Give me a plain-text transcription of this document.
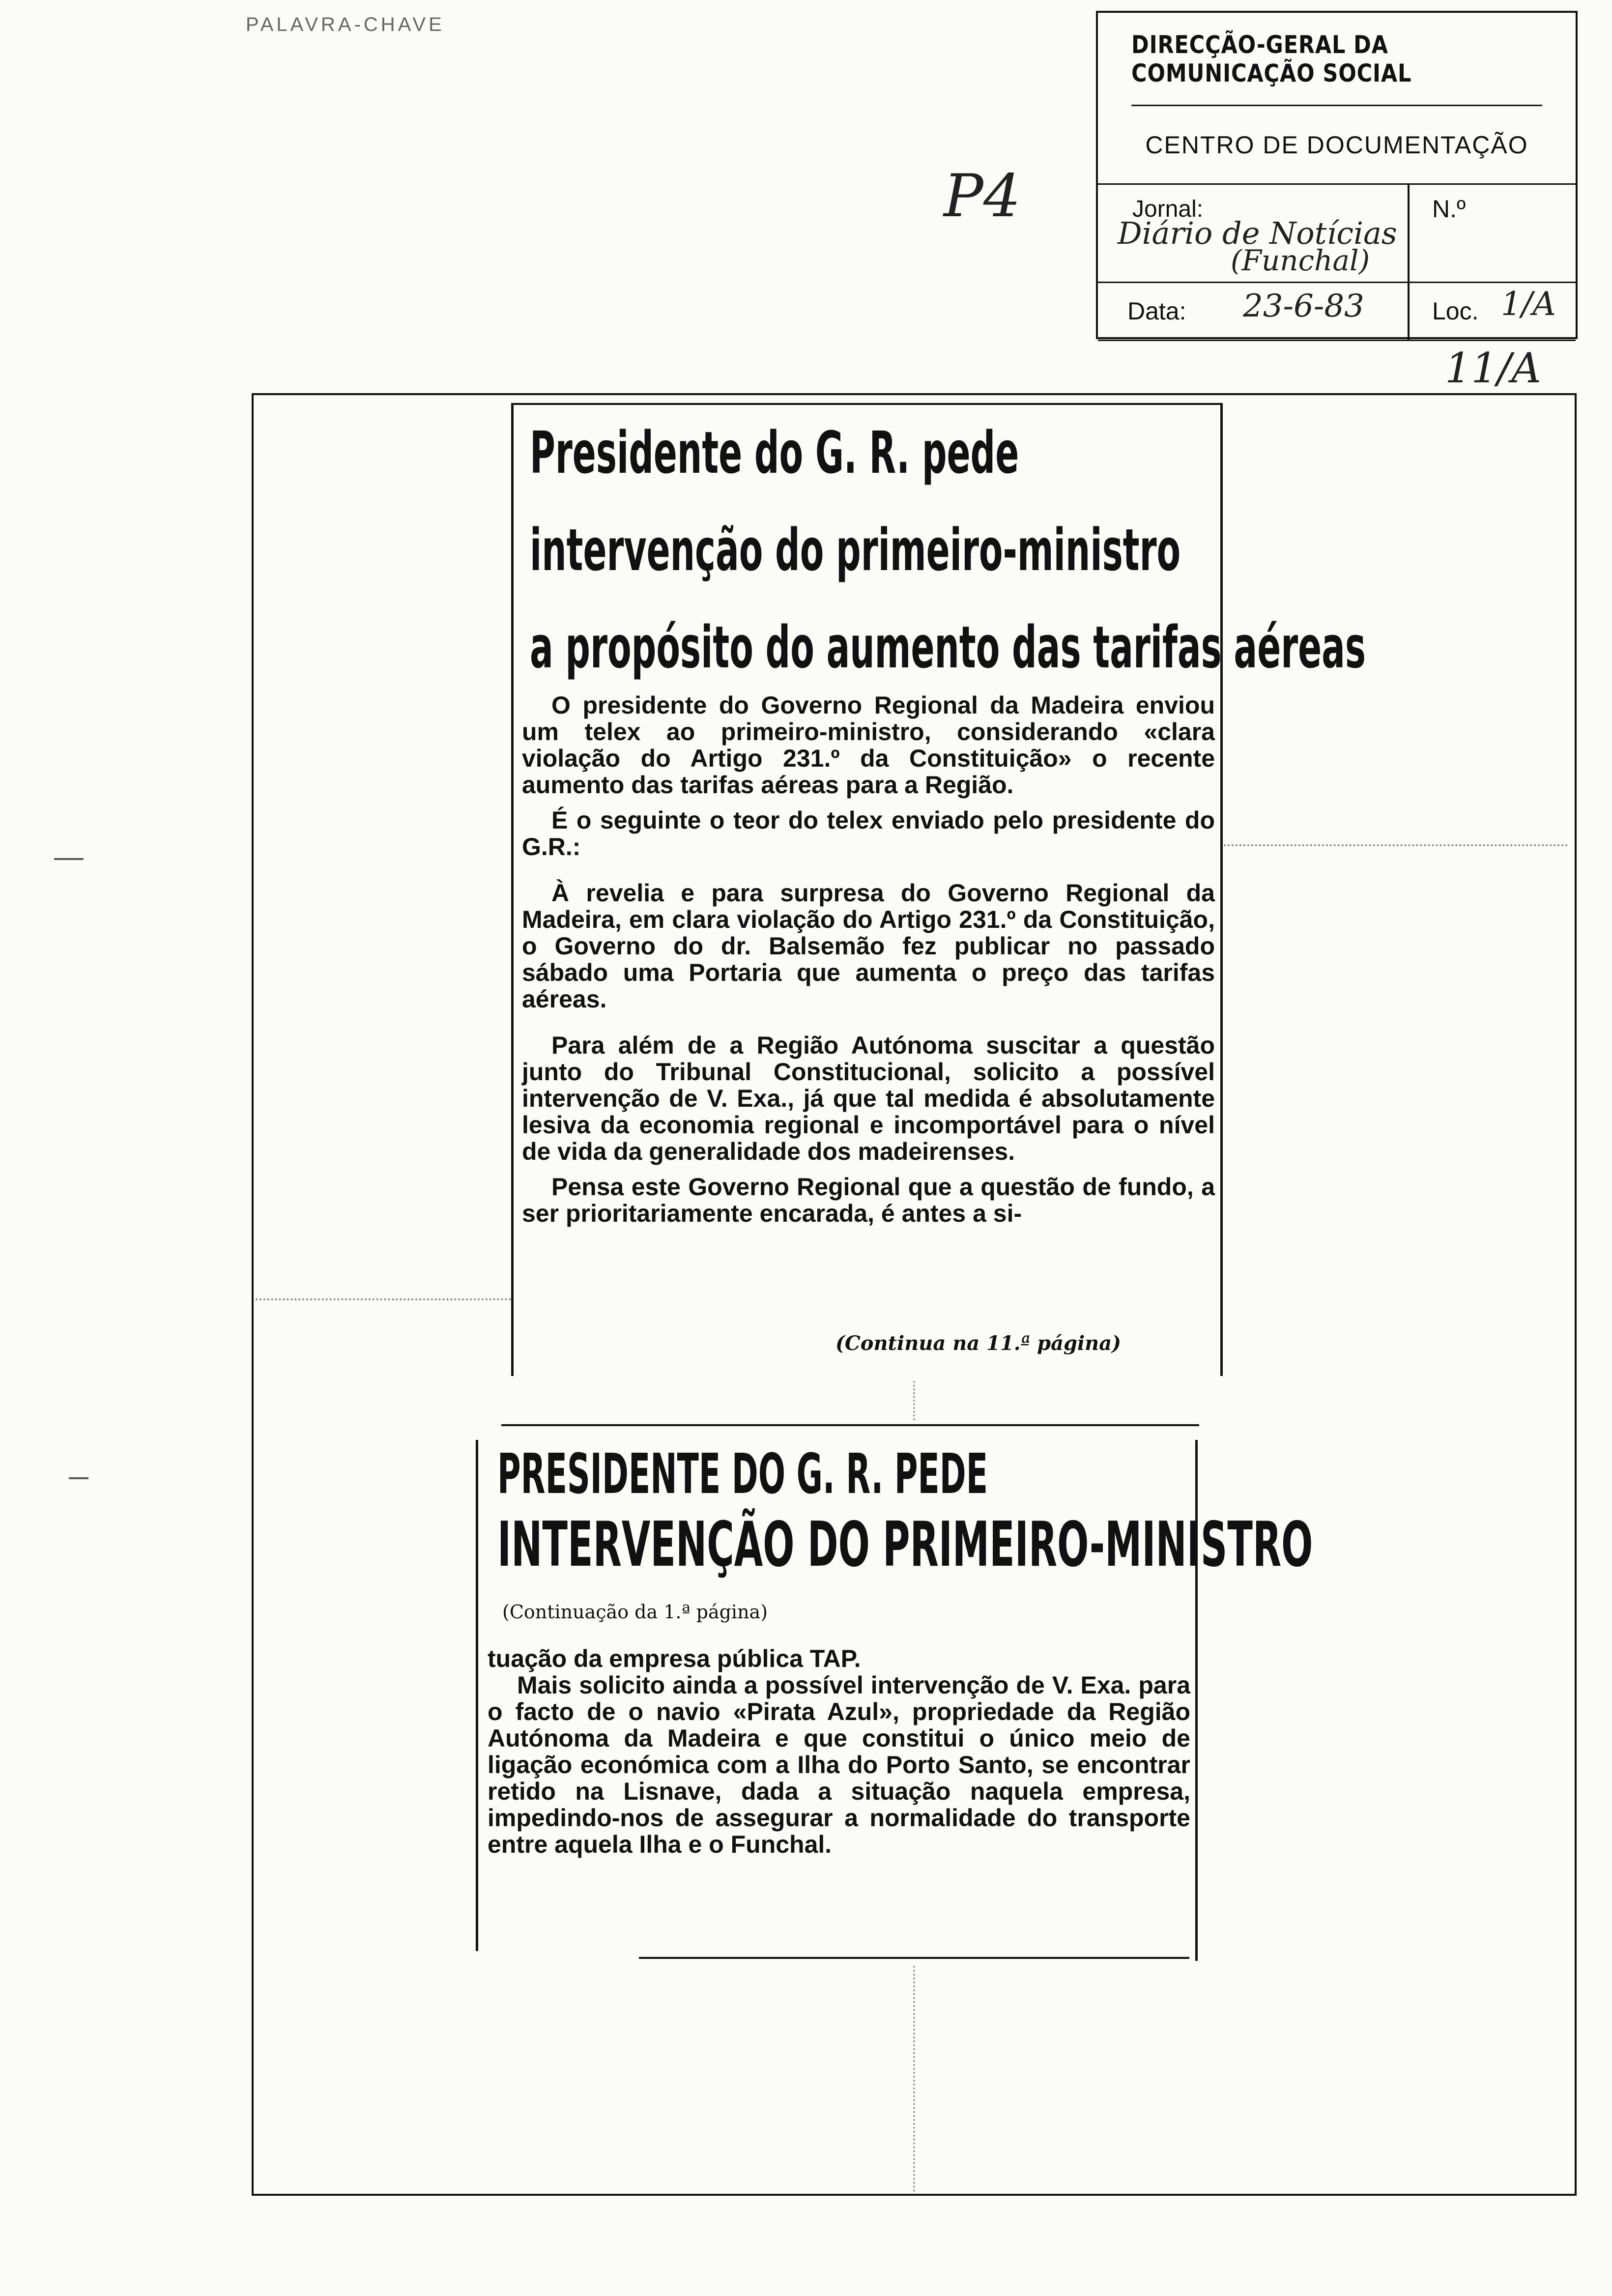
PALAVRA-CHAVE
DIRECÇÃO-GERAL DA COMUNICAÇÃO SOCIAL
CENTRO DE DOCUMENTAÇÃO
Jornal:
Diário de Notícias
(Funchal)
N.º
Data: 23-6-83	Loc. 1/A
P4
11/A
Presidente do G. R. pede
intervenção do primeiro-ministro
a propósito do aumento das tarifas aéreas

O presidente do Governo Regional da Madeira enviou um telex ao primeiro-ministro, considerando «clara violação do Artigo 231.º da Constituição» o recente aumento das tarifas aéreas para a Região.

É o seguinte o teor do telex enviado pelo presidente do G.R.:

À revelia e para surpresa do Governo Regional da Madeira, em clara violação do Artigo 231.º da Constituição, o Governo do dr. Balsemão fez publicar no passado sábado uma Portaria que aumenta o preço das tarifas aéreas.

Para além de a Região Autónoma suscitar a questão junto do Tribunal Constitucional, solicito a possível intervenção de V. Exa., já que tal medida é absolutamente lesiva da economia regional e incomportável para o nível de vida da generalidade dos madeirenses.

Pensa este Governo Regional que a questão de fundo, a ser prioritariamente encarada, é antes a si-

(Continua na 11.ª página)
PRESIDENTE DO G. R. PEDE
INTERVENÇÃO DO PRIMEIRO-MINISTRO
(Continuação da 1.ª página)

tuação da empresa pública TAP.

Mais solicito ainda a possível intervenção de V. Exa. para o facto de o navio «Pirata Azul», propriedade da Região Autónoma da Madeira e que constitui o único meio de ligação económica com a Ilha do Porto Santo, se encontrar retido na Lisnave, dada a situação naquela empresa, impedindo-nos de assegurar a normalidade do transporte entre aquela Ilha e o Funchal.
